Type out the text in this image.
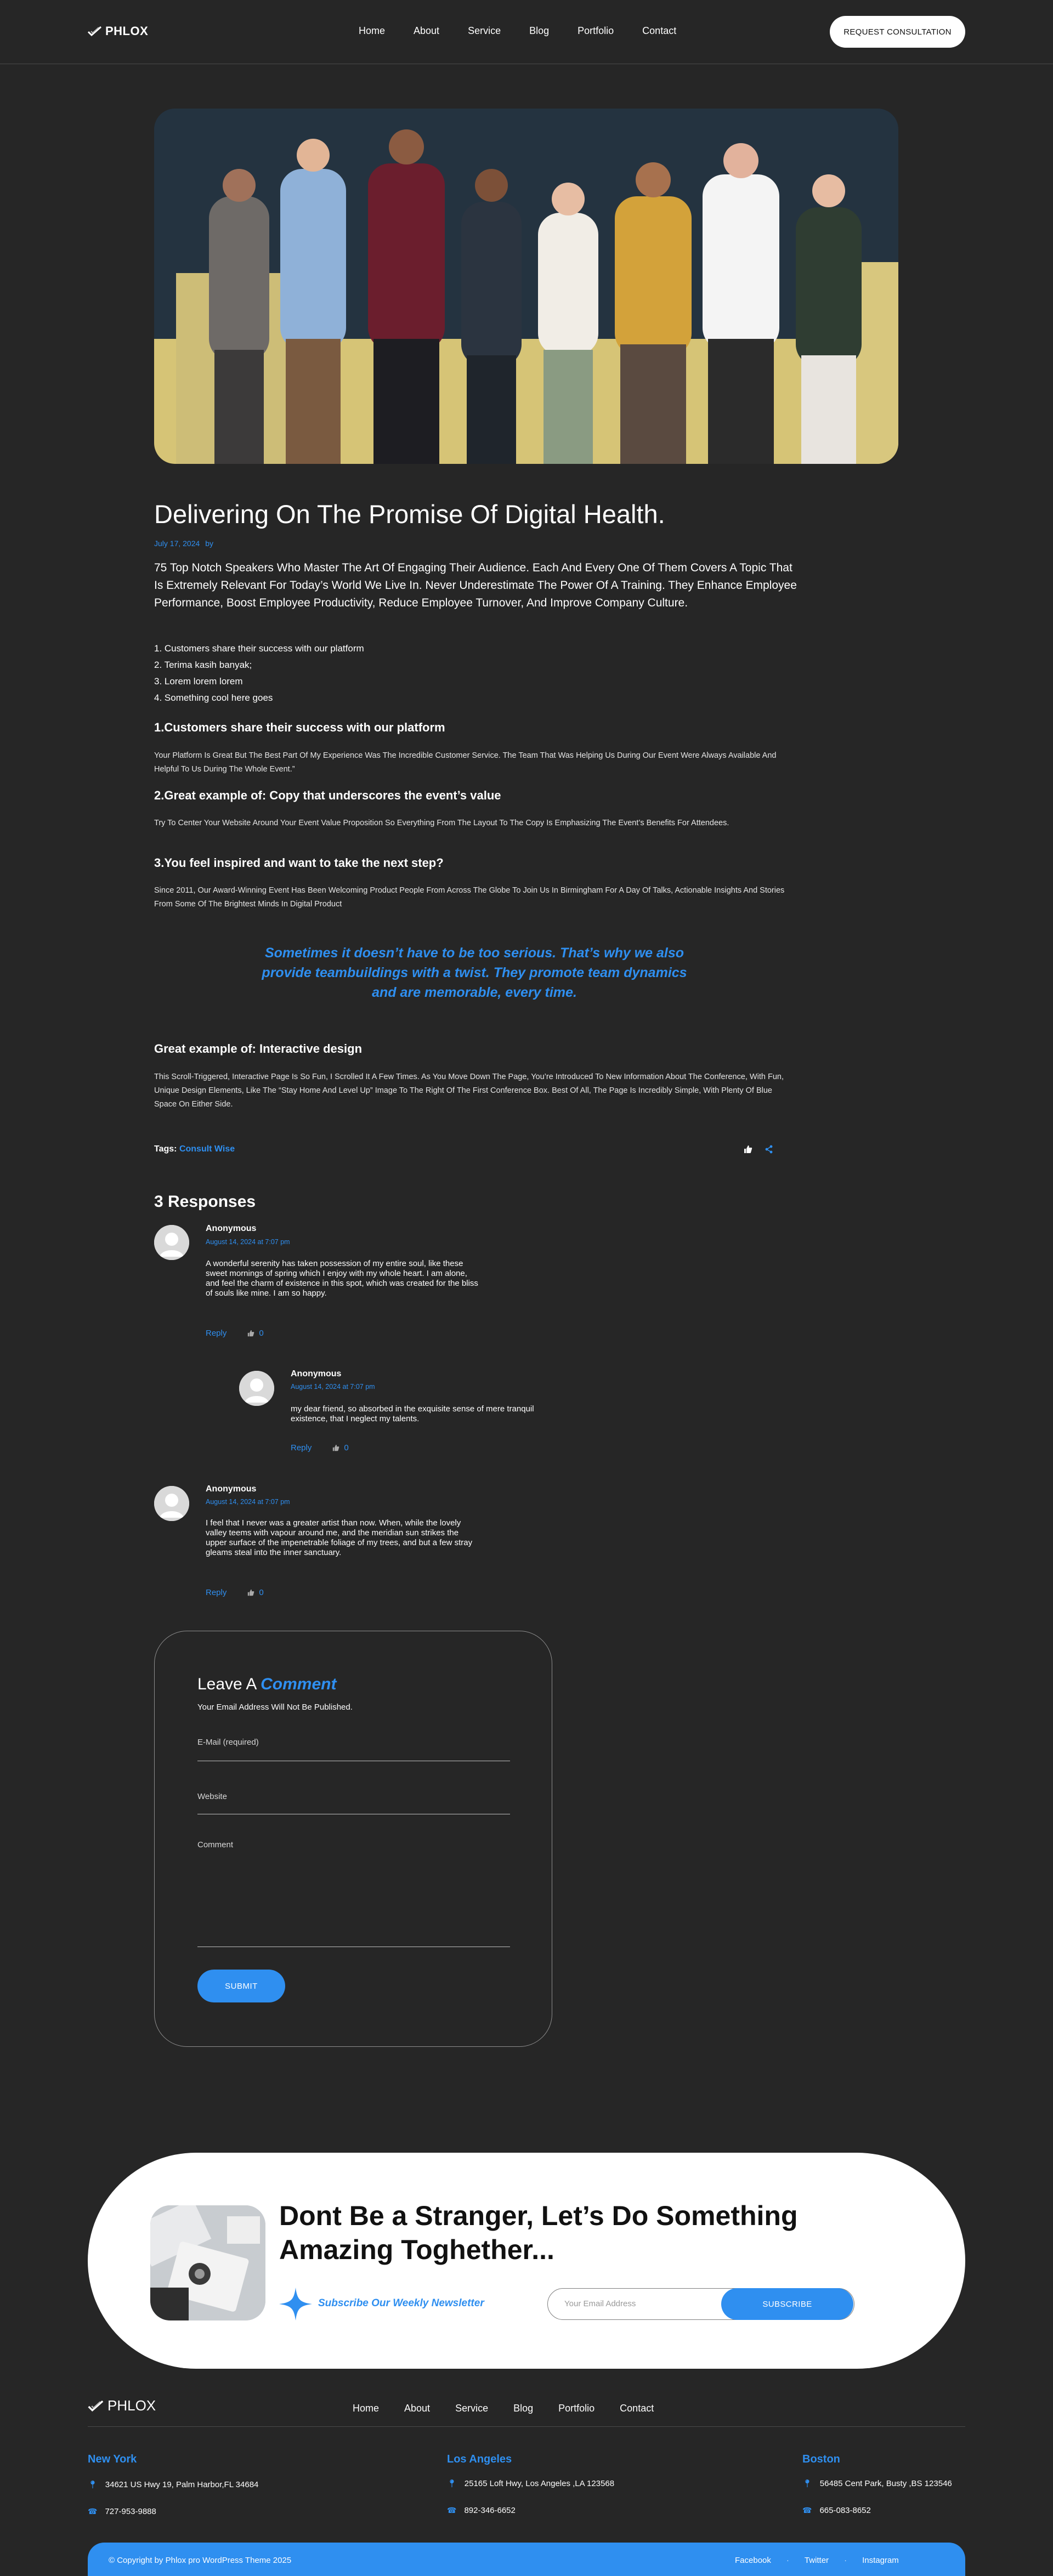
PHLOX	Home	About	Service	Blog	Portfolio	Contact	REQUEST CONSULTATION
Delivering On The Promise Of Digital Health.
July 17, 2024 by

75 Top Notch Speakers Who Master The Art Of Engaging Their Audience. Each And Every One Of Them Covers A Topic That Is Extremely Relevant For Today’s World We Live In. Never Underestimate The Power Of A Training. They Enhance Employee Performance, Boost Employee Productivity, Reduce Employee Turnover, And Improve Company Culture.

1. Customers share their success with our platform
2. Terima kasih banyak;
3. Lorem lorem lorem
4. Something cool here goes
1.Customers share their success with our platform

Your Platform Is Great But The Best Part Of My Experience Was The Incredible Customer Service. The Team That Was Helping Us During Our Event Were Always Available And Helpful To Us During The Whole Event.”

2.Great example of: Copy that underscores the event’s value

Try To Center Your Website Around Your Event Value Proposition So Everything From The Layout To The Copy Is Emphasizing The Event’s Benefits For Attendees.

3.You feel inspired and want to take the next step?

Since 2011, Our Award-Winning Event Has Been Welcoming Product People From Across The Globe To Join Us In Birmingham For A Day Of Talks, Actionable Insights And Stories From Some Of The Brightest Minds In Digital Product

Sometimes it doesn’t have to be too serious. That’s why we also provide teambuildings with a twist. They promote team dynamics and are memorable, every time.
Great example of: Interactive design

This Scroll-Triggered, Interactive Page Is So Fun, I Scrolled It A Few Times. As You Move Down The Page, You’re Introduced To New Information About The Conference, With Fun, Unique Design Elements, Like The “Stay Home And Level Up” Image To The Right Of The First Conference Box. Best Of All, The Page Is Incredibly Simple, With Plenty Of Blue Space On Either Side.

Tags: Consult Wise
3 Responses
Anonymous
August 14, 2024 at 7:07 pm

A wonderful serenity has taken possession of my entire soul, like these sweet mornings of spring which I enjoy with my whole heart. I am alone, and feel the charm of existence in this spot, which was created for the bliss of souls like mine. I am so happy.

Reply	0
Anonymous
August 14, 2024 at 7:07 pm

my dear friend, so absorbed in the exquisite sense of mere tranquil existence, that I neglect my talents.

Reply	0
Anonymous
August 14, 2024 at 7:07 pm

I feel that I never was a greater artist than now. When, while the lovely valley teems with vapour around me, and the meridian sun strikes the upper surface of the impenetrable foliage of my trees, and but a few stray gleams steal into the inner sanctuary.

Reply	0
Leave A Comment
Your Email Address Will Not Be Published.
E-Mail (required)
Website
Comment
SUBMIT
Dont Be a Stranger, Let’s Do Something Amazing Toghether...
Subscribe Our Weekly Newsletter	Your Email Address	SUBSCRIBE
PHLOX	Home	About	Service	Blog	Portfolio	Contact
New York
📍︎ 34621 US Hwy 19, Palm Harbor,FL 34684
☎︎ 727-953-9888
Los Angeles
📍︎ 25165 Loft Hwy, Los Angeles ,LA 123568
☎︎ 892-346-6652
Boston
📍︎ 56485 Cent Park, Busty ,BS 123546
☎︎ 665-083-8652
© Copyright by Phlox pro WordPress Theme 2025	Facebook · Twitter · Instagram
